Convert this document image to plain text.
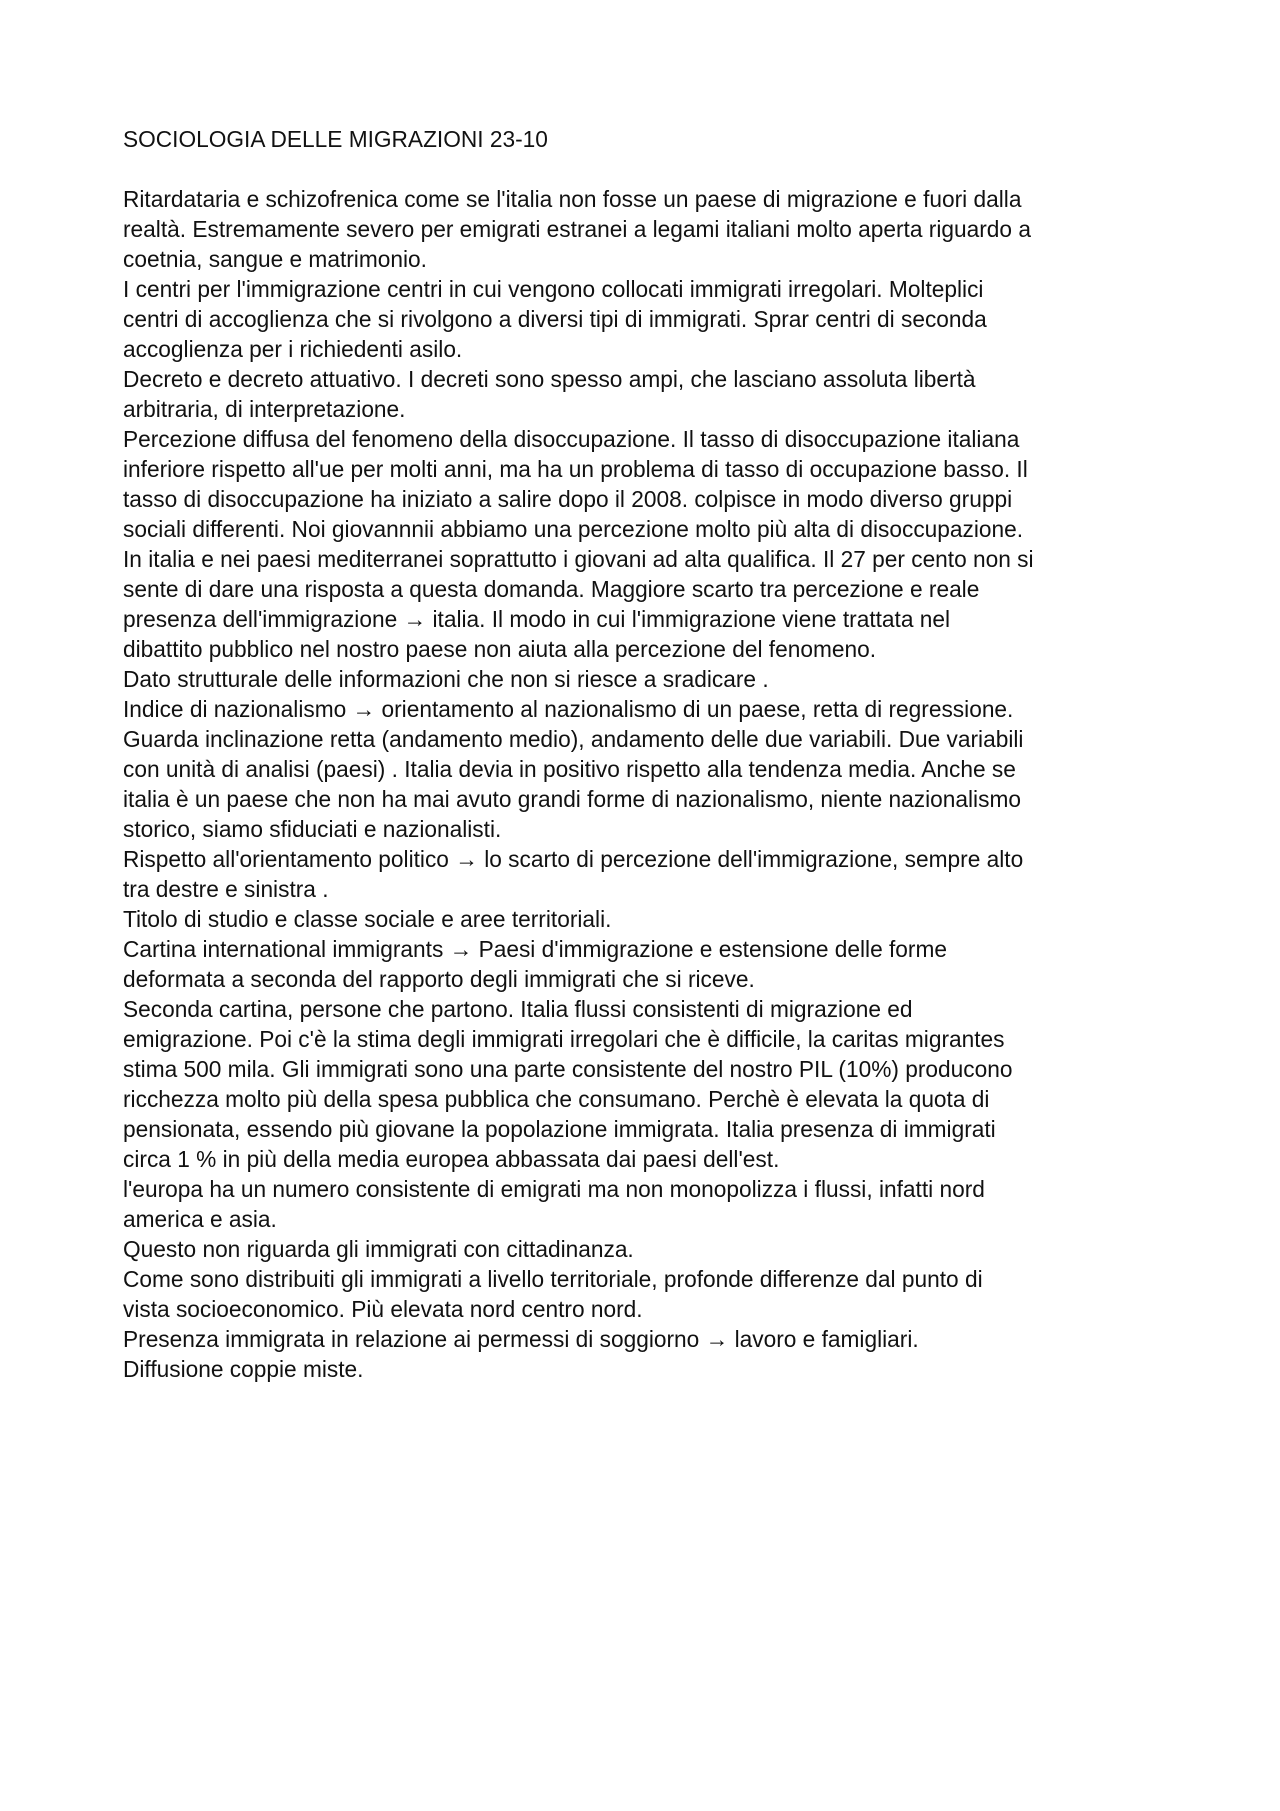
SOCIOLOGIA DELLE MIGRAZIONI 23-10
Ritardataria e schizofrenica come se l'italia non fosse un paese di migrazione e fuori dalla
realtà. Estremamente severo per emigrati estranei a legami italiani molto aperta riguardo a
coetnia, sangue e matrimonio.
I centri per l'immigrazione centri in cui vengono collocati immigrati irregolari. Molteplici
centri di accoglienza che si rivolgono a diversi tipi di immigrati. Sprar centri di seconda
accoglienza per i richiedenti asilo.
Decreto e decreto attuativo. I decreti sono spesso ampi, che lasciano assoluta libertà
arbitraria, di interpretazione.
Percezione diffusa del fenomeno della disoccupazione. Il tasso di disoccupazione italiana
inferiore rispetto all'ue per molti anni, ma ha un problema di tasso di occupazione basso. Il
tasso di disoccupazione ha iniziato a salire dopo il 2008. colpisce in modo diverso gruppi
sociali differenti. Noi giovannnii abbiamo una percezione molto più alta di disoccupazione.
In italia e nei paesi mediterranei soprattutto i giovani ad alta qualifica. Il 27 per cento non si
sente di dare una risposta a questa domanda. Maggiore scarto tra percezione e reale
presenza dell'immigrazione → italia. Il modo in cui l'immigrazione viene trattata nel
dibattito pubblico nel nostro paese non aiuta alla percezione del fenomeno.
Dato strutturale delle informazioni che non si riesce a sradicare .
Indice di nazionalismo → orientamento al nazionalismo di un paese, retta di regressione.
Guarda inclinazione retta (andamento medio), andamento delle due variabili. Due variabili
con unità di analisi (paesi) . Italia devia in positivo rispetto alla tendenza media. Anche se
italia è un paese che non ha mai avuto grandi forme di nazionalismo, niente nazionalismo
storico, siamo sfiduciati e nazionalisti.
Rispetto all'orientamento politico → lo scarto di percezione dell'immigrazione, sempre alto
tra destre e sinistra .
Titolo di studio e classe sociale e aree territoriali.
Cartina international immigrants → Paesi d'immigrazione e estensione delle forme
deformata a seconda del rapporto degli immigrati che si riceve.
Seconda cartina, persone che partono. Italia flussi consistenti di migrazione ed
emigrazione. Poi c'è la stima degli immigrati irregolari che è difficile, la caritas migrantes
stima 500 mila. Gli immigrati sono una parte consistente del nostro PIL (10%) producono
ricchezza molto più della spesa pubblica che consumano. Perchè è elevata la quota di
pensionata, essendo più giovane la popolazione immigrata. Italia presenza di immigrati
circa 1 % in più della media europea abbassata dai paesi dell'est.
l'europa ha un numero consistente di emigrati ma non monopolizza i flussi, infatti nord
america e asia.
Questo non riguarda gli immigrati con cittadinanza.
Come sono distribuiti gli immigrati a livello territoriale, profonde differenze dal punto di
vista socioeconomico. Più elevata nord centro nord.
Presenza immigrata in relazione ai permessi di soggiorno → lavoro e famigliari.
Diffusione coppie miste.
